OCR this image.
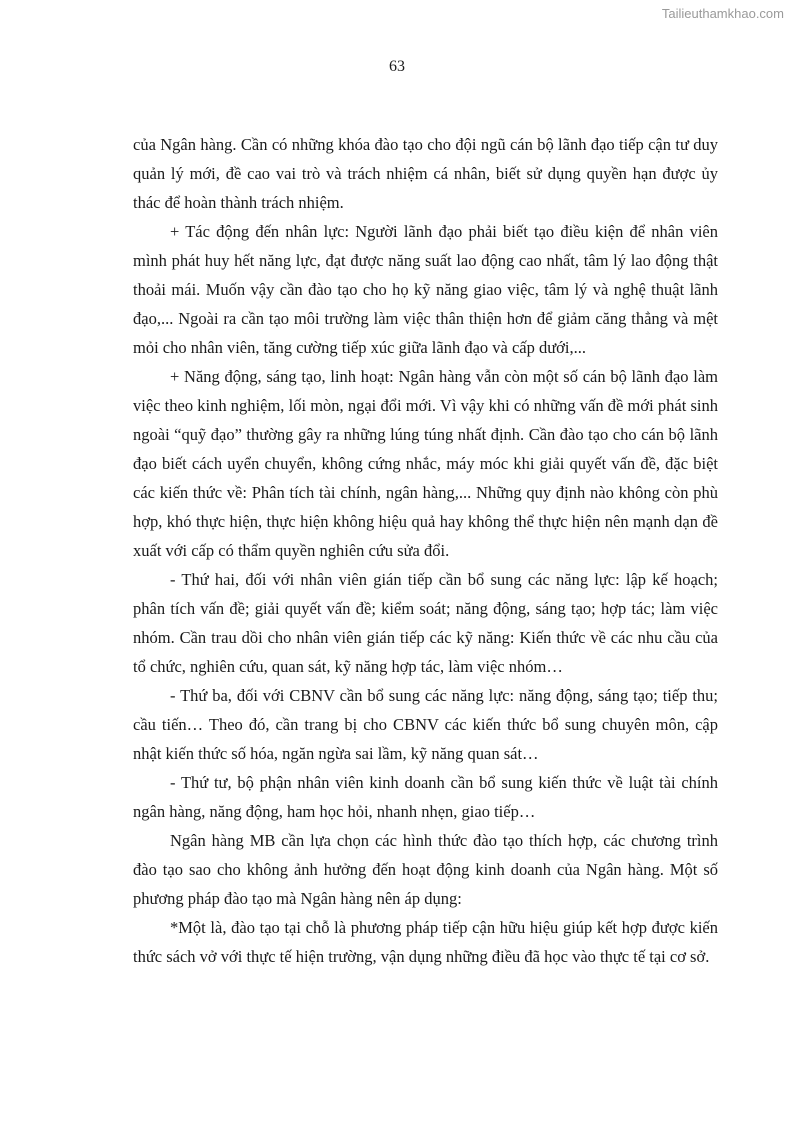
Tailieuthamkhao.com
63

của Ngân hàng. Cần có những khóa đào tạo cho đội ngũ cán bộ lãnh đạo tiếp cận tư duy quản lý mới, đề cao vai trò và trách nhiệm cá nhân, biết sử dụng quyền hạn được ủy thác để hoàn thành trách nhiệm.

+ Tác động đến nhân lực: Người lãnh đạo phải biết tạo điều kiện để nhân viên mình phát huy hết năng lực, đạt được năng suất lao động cao nhất, tâm lý lao động thật thoải mái. Muốn vậy cần đào tạo cho họ kỹ năng giao việc, tâm lý và nghệ thuật lãnh đạo,... Ngoài ra cần tạo môi trường làm việc thân thiện hơn để giảm căng thẳng và mệt mỏi cho nhân viên, tăng cường tiếp xúc giữa lãnh đạo và cấp dưới,...

+ Năng động, sáng tạo, linh hoạt: Ngân hàng vẫn còn một số cán bộ lãnh đạo làm việc theo kinh nghiệm, lối mòn, ngại đổi mới. Vì vậy khi có những vấn đề mới phát sinh ngoài “quỹ đạo” thường gây ra những lúng túng nhất định. Cần đào tạo cho cán bộ lãnh đạo biết cách uyển chuyển, không cứng nhắc, máy móc khi giải quyết vấn đề, đặc biệt các kiến thức về: Phân tích tài chính, ngân hàng,... Những quy định nào không còn phù hợp, khó thực hiện, thực hiện không hiệu quả hay không thể thực hiện nên mạnh dạn đề xuất với cấp có thẩm quyền nghiên cứu sửa đổi.

- Thứ hai, đối với nhân viên gián tiếp cần bổ sung các năng lực: lập kế hoạch; phân tích vấn đề; giải quyết vấn đề; kiểm soát; năng động, sáng tạo; hợp tác; làm việc nhóm. Cần trau dồi cho nhân viên gián tiếp các kỹ năng: Kiến thức về các nhu cầu của tổ chức, nghiên cứu, quan sát, kỹ năng hợp tác, làm việc nhóm…

- Thứ ba, đối với CBNV cần bổ sung các năng lực: năng động, sáng tạo; tiếp thu; cầu tiến… Theo đó, cần trang bị cho CBNV các kiến thức bổ sung chuyên môn, cập nhật kiến thức số hóa, ngăn ngừa sai lầm, kỹ năng quan sát…

- Thứ tư, bộ phận nhân viên kinh doanh cần bổ sung kiến thức về luật tài chính ngân hàng, năng động, ham học hỏi, nhanh nhẹn, giao tiếp…

Ngân hàng MB cần lựa chọn các hình thức đào tạo thích hợp, các chương trình đào tạo sao cho không ảnh hưởng đến hoạt động kinh doanh của Ngân hàng. Một số phương pháp đào tạo mà Ngân hàng nên áp dụng:

*Một là, đào tạo tại chỗ là phương pháp tiếp cận hữu hiệu giúp kết hợp được kiến thức sách vở với thực tế hiện trường, vận dụng những điều đã học vào thực tế tại cơ sở.
